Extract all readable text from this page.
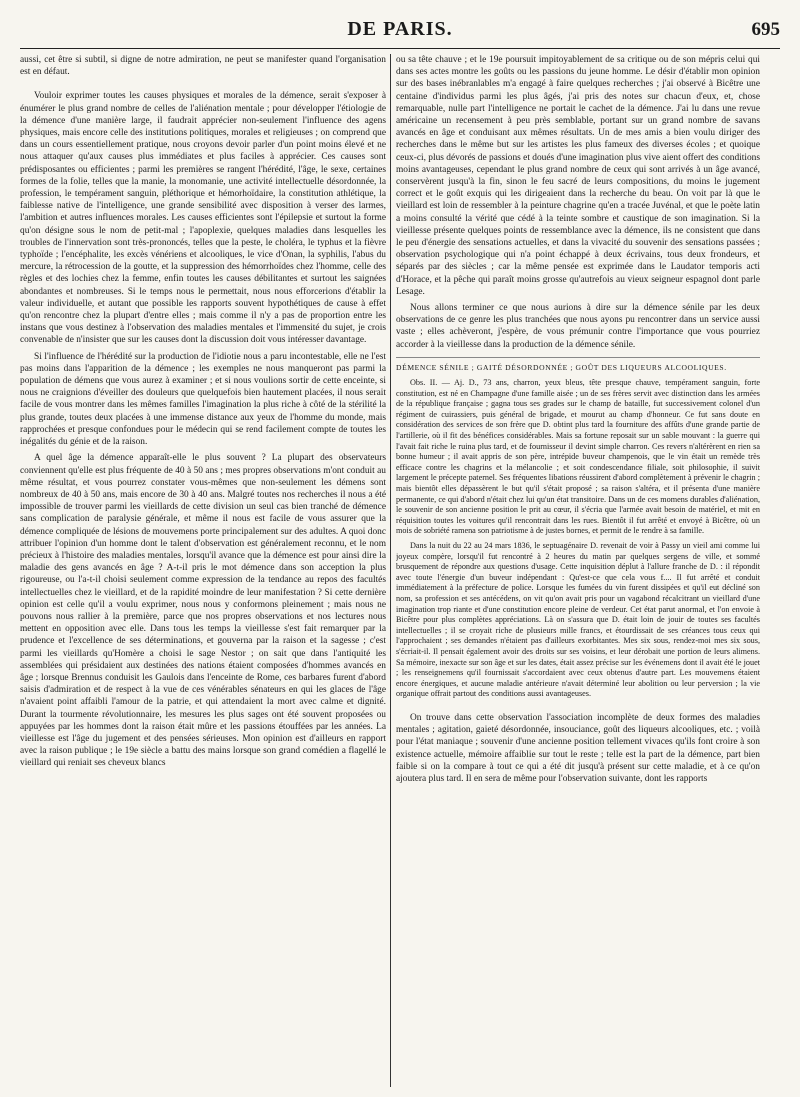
DE PARIS.	695

aussi, cet être si subtil, si digne de notre admiration, ne peut se manifester quand l'organisation est en défaut.

Vouloir exprimer toutes les causes physiques et morales de la démence, serait s'exposer à énumérer le plus grand nombre de celles de l'aliénation mentale ; pour développer l'étiologie de la démence d'une manière large, il faudrait apprécier non-seulement l'influence des agens physiques, mais encore celle des institutions politiques, morales et religieuses ; on comprend que dans un cours essentiellement pratique, nous croyons devoir parler d'un point moins élevé et ne nous attaquer qu'aux causes plus immédiates et plus faciles à apprécier. Ces causes sont prédisposantes ou efficientes ; parmi les premières se rangent l'hérédité, l'âge, le sexe, certaines formes de la folie, telles que la manie, la monomanie, une activité intellectuelle désordonnée, la profession, le tempérament sanguin, pléthorique et hémorhoïdaire, la constitution athlétique, la faiblesse native de l'intelligence, une grande sensibilité avec disposition à verser des larmes, l'ambition et autres influences morales. Les causes efficientes sont l'épilepsie et surtout la forme qu'on désigne sous le nom de petit-mal ; l'apoplexie, quelques maladies dans lesquelles les troubles de l'innervation sont très-prononcés, telles que la peste, le choléra, le typhus et la fièvre typhoïde ; l'encéphalite, les excès vénériens et alcooliques, le vice d'Onan, la syphilis, l'abus du mercure, la rétrocession de la goutte, et la suppression des hémorrhoïdes chez l'homme, celle des règles et des lochies chez la femme, enfin toutes les causes débilitantes et surtout les saignées abondantes et nombreuses. Si le temps nous le permettait, nous nous efforcerions d'établir la valeur individuelle, et autant que possible les rapports souvent hypothétiques de cause à effet qu'on rencontre chez la plupart d'entre elles ; mais comme il n'y a pas de proportion entre les instans que vous destinez à l'observation des maladies mentales et l'immensité du sujet, je crois convenable de n'insister que sur les causes dont la discussion doit vous intéresser davantage.

Si l'influence de l'hérédité sur la production de l'idiotie nous a paru incontestable, elle ne l'est pas moins dans l'apparition de la démence ; les exemples ne nous manqueront pas parmi la population de démens que vous aurez à examiner ; et si nous voulions sortir de cette enceinte, si nous ne craignions d'éveiller des douleurs que quelquefois bien hautement placées, il nous serait facile de vous montrer dans les mêmes familles l'imagination la plus riche à côté de la stérilité la plus grande, toutes deux placées à une immense distance aux yeux de l'homme du monde, mais rapprochées et presque confondues pour le médecin qui se rend facilement compte de toutes les inégalités du génie et de la raison.

A quel âge la démence apparaît-elle le plus souvent ? La plupart des observateurs conviennent qu'elle est plus fréquente de 40 à 50 ans ; mes propres observations m'ont conduit au même résultat, et vous pourrez constater vous-mêmes que non-seulement les démens sont nombreux de 40 à 50 ans, mais encore de 30 à 40 ans. Malgré toutes nos recherches il nous a été impossible de trouver parmi les vieillards de cette division un seul cas bien tranché de démence sans complication de paralysie générale, et même il nous est facile de vous assurer que la démence compliquée de lésions de mouvemens porte principalement sur des adultes. A quoi donc attribuer l'opinion d'un homme dont le talent d'observation est généralement reconnu, et le nom précieux à l'histoire des maladies mentales, lorsqu'il avance que la démence est pour ainsi dire la maladie des gens avancés en âge ? A-t-il pris le mot démence dans son acception la plus rigoureuse, ou l'a-t-il choisi seulement comme expression de la tendance au repos des facultés intellectuelles chez le vieillard, et de la rapidité moindre de leur manifestation ? Si cette dernière opinion est celle qu'il a voulu exprimer, nous nous y conformons pleinement ; mais nous ne pouvons nous rallier à la première, parce que nos propres observations et nos lectures nous mettent en opposition avec elle. Dans tous les temps la vieillesse s'est fait remarquer par la prudence et l'excellence de ses déterminations, et gouverna par la raison et la sagesse ; c'est parmi les vieillards qu'Homère a choisi le sage Nestor ; on sait que dans l'antiquité les assemblées qui présidaient aux destinées des nations étaient composées d'hommes avancés en âge ; lorsque Brennus conduisit les Gaulois dans l'enceinte de Rome, ces barbares furent d'abord saisis d'admiration et de respect à la vue de ces vénérables sénateurs en qui les glaces de l'âge n'avaient point affaibli l'amour de la patrie, et qui attendaient la mort avec calme et dignité. Durant la tourmente révolutionnaire, les mesures les plus sages ont été souvent proposées ou appuyées par les hommes dont la raison était mûre et les passions étouffées par les années. La vieillesse est l'âge du jugement et des pensées sérieuses. Mon opinion est d'ailleurs en rapport avec la raison publique ; le 19e siècle a battu des mains lorsque son grand comédien a flagellé le vieillard qui reniait ses cheveux blancs

ou sa tête chauve ; et le 19e poursuit impitoyablement de sa critique ou de son mépris celui qui dans ses actes montre les goûts ou les passions du jeune homme. Le désir d'établir mon opinion sur des bases inébranlables m'a engagé à faire quelques recherches ; j'ai observé à Bicêtre une centaine d'individus parmi les plus âgés, j'ai pris des notes sur chacun d'eux, et, chose remarquable, nulle part l'intelligence ne portait le cachet de la démence. J'ai lu dans une revue américaine un recensement à peu près semblable, portant sur un grand nombre de savans avancés en âge et conduisant aux mêmes résultats. Un de mes amis a bien voulu diriger des recherches dans le même but sur les artistes les plus fameux des diverses écoles ; et quoique ceux-ci, plus dévorés de passions et doués d'une imagination plus vive aient offert des conditions moins avantageuses, cependant le plus grand nombre de ceux qui sont arrivés à un âge avancé, conservèrent jusqu'à la fin, sinon le feu sacré de leurs compositions, du moins le jugement correct et le goût exquis qui les dirigeaient dans la recherche du beau. On voit par là que le vieillard est loin de ressembler à la peinture chagrine qu'en a tracée Juvénal, et que le poète latin a moins consulté la vérité que cédé à la teinte sombre et caustique de son imagination. Si la vieillesse présente quelques points de ressemblance avec la démence, ils ne consistent que dans le peu d'énergie des sensations actuelles, et dans la vivacité du souvenir des sensations passées ; observation psychologique qui n'a point échappé à deux écrivains, tous deux frondeurs, et séparés par des siècles ; car la même pensée est exprimée dans le Laudator temporis acti d'Horace, et la pêche qui paraît moins grosse qu'autrefois au vieux seigneur espagnol dont parle Lesage.

Nous allons terminer ce que nous aurions à dire sur la démence sénile par les deux observations de ce genre les plus tranchées que nous ayons pu rencontrer dans un service aussi vaste ; elles achèveront, j'espère, de vous prémunir contre l'importance que vous pourriez accorder à la vieillesse dans la production de la démence sénile.

DÉMENCE SÉNILE ; GAITÉ DÉSORDONNÉE ; GOÛT DES LIQUEURS ALCOOLIQUES.

Obs. II. — Aj. D., 73 ans, charron, yeux bleus, tête presque chauve, tempérament sanguin, forte constitution, est né en Champagne d'une famille aisée ; un de ses frères servit avec distinction dans les armées de la république française ; gagna tous ses grades sur le champ de bataille, fut successivement colonel d'un régiment de cuirassiers, puis général de brigade, et mourut au champ d'honneur. Ce fut sans doute en considération des services de son frère que D. obtint plus tard la fourniture des affûts d'une grande partie de l'artillerie, où il fit des bénéfices considérables. Mais sa fortune reposait sur un sable mouvant : la guerre qui l'avait fait riche le ruina plus tard, et de fournisseur il devint simple charron. Ces revers n'altérèrent en rien sa bonne humeur ; il avait appris de son père, intrépide buveur champenois, que le vin était un remède très efficace contre les chagrins et la mélancolie ; et soit condescendance filiale, soit philosophie, il suivit largement le précepte paternel. Ses fréquentes libations réussirent d'abord complètement à prévenir le chagrin ; mais bientôt elles dépassèrent le but qu'il s'était proposé ; sa raison s'altéra, et il présenta d'une manière permanente, ce qui d'abord n'était chez lui qu'un état transitoire. Dans un de ces momens durables d'aliénation, le souvenir de son ancienne position le prit au cœur, il s'écria que l'armée avait besoin de matériel, et mit en réquisition toutes les voitures qu'il rencontrait dans les rues. Bientôt il fut arrêté et envoyé à Bicêtre, où un mois de sobriété ramena son patriotisme à de justes bornes, et permit de le rendre à sa famille.

Dans la nuit du 22 au 24 mars 1836, le septuagénaire D. revenait de voir à Passy un vieil ami comme lui joyeux compère, lorsqu'il fut rencontré à 2 heures du matin par quelques sergens de ville, et sommé brusquement de répondre aux questions d'usage. Cette inquisition déplut à l'allure franche de D. : il répondit avec toute l'énergie d'un buveur indépendant : Qu'est-ce que cela vous f.... Il fut arrêté et conduit immédiatement à la préfecture de police. Lorsque les fumées du vin furent dissipées et qu'il eut décliné son nom, sa profession et ses antécédens, on vit qu'on avait pris pour un vagabond récalcitrant un vieillard d'une imagination trop riante et d'une constitution encore pleine de verdeur. Cet état parut anormal, et l'on envoie à Bicêtre pour plus complètes appréciations. Là on s'assura que D. était loin de jouir de toutes ses facultés intellectuelles ; il se croyait riche de plusieurs mille francs, et étourdissait de ses créances tous ceux qui l'approchaient ; ses demandes n'étaient pas d'ailleurs exorbitantes. Mes six sous, rendez-moi mes six sous, s'écriait-il. Il pensait également avoir des droits sur ses voisins, et leur dérobait une portion de leurs alimens. Sa mémoire, inexacte sur son âge et sur les dates, était assez précise sur les événemens dont il avait été le jouet ; les renseignemens qu'il fournissait s'accordaient avec ceux obtenus d'autre part. Les mouvemens étaient encore énergiques, et aucune maladie antérieure n'avait déterminé leur abolition ou leur perversion ; la vie organique offrait partout des conditions aussi avantageuses.

On trouve dans cette observation l'association incomplète de deux formes des maladies mentales ; agitation, gaieté désordonnée, insouciance, goût des liqueurs alcooliques, etc. ; voilà pour l'état maniaque ; souvenir d'une ancienne position tellement vivaces qu'ils font croire à son existence actuelle, mémoire affaiblie sur tout le reste ; telle est la part de la démence, part bien faible si on la compare à tout ce qui a été dit jusqu'à présent sur cette maladie, et à ce qu'on ajoutera plus tard. Il en sera de même pour l'observation suivante, dont les rapports
